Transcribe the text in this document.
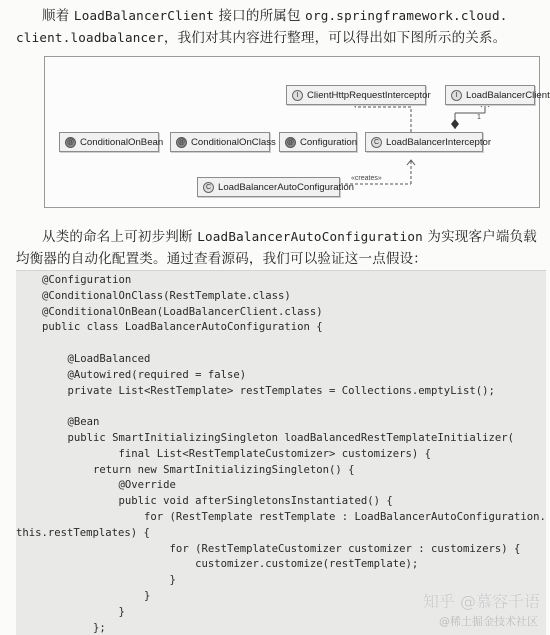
顺着 LoadBalancerClient 接口的所属包 org.springframework.cloud.
client.loadbalancer，我们对其内容进行整理，可以得出如下图所示的关系。
1
«creates»
I ClientHttpRequestInterceptor	I LoadBalancerClient
@ ConditionalOnBean @ ConditionalOnClass @ Configuration	C LoadBalancerInterceptor
C LoadBalancerAutoConfiguration
从类的命名上可初步判断 LoadBalancerAutoConfiguration 为实现客户端负载
均衡器的自动化配置类。通过查看源码，我们可以验证这一点假设：
@Configuration
@ConditionalOnClass(RestTemplate.class)
@ConditionalOnBean(LoadBalancerClient.class)
public class LoadBalancerAutoConfiguration {
@LoadBalanced
@Autowired(required = false)
private List<RestTemplate> restTemplates = Collections.emptyList();
@Bean
public SmartInitializingSingleton loadBalancedRestTemplateInitializer(
final List<RestTemplateCustomizer> customizers) {
return new SmartInitializingSingleton() {
@Override
public void afterSingletonsInstantiated() {
for (RestTemplate restTemplate : LoadBalancerAutoConfiguration.
this.restTemplates) {
for (RestTemplateCustomizer customizer : customizers) {
customizer.customize(restTemplate);
}
}
}
};
知乎 @慕容千语
@稀土掘金技术社区
